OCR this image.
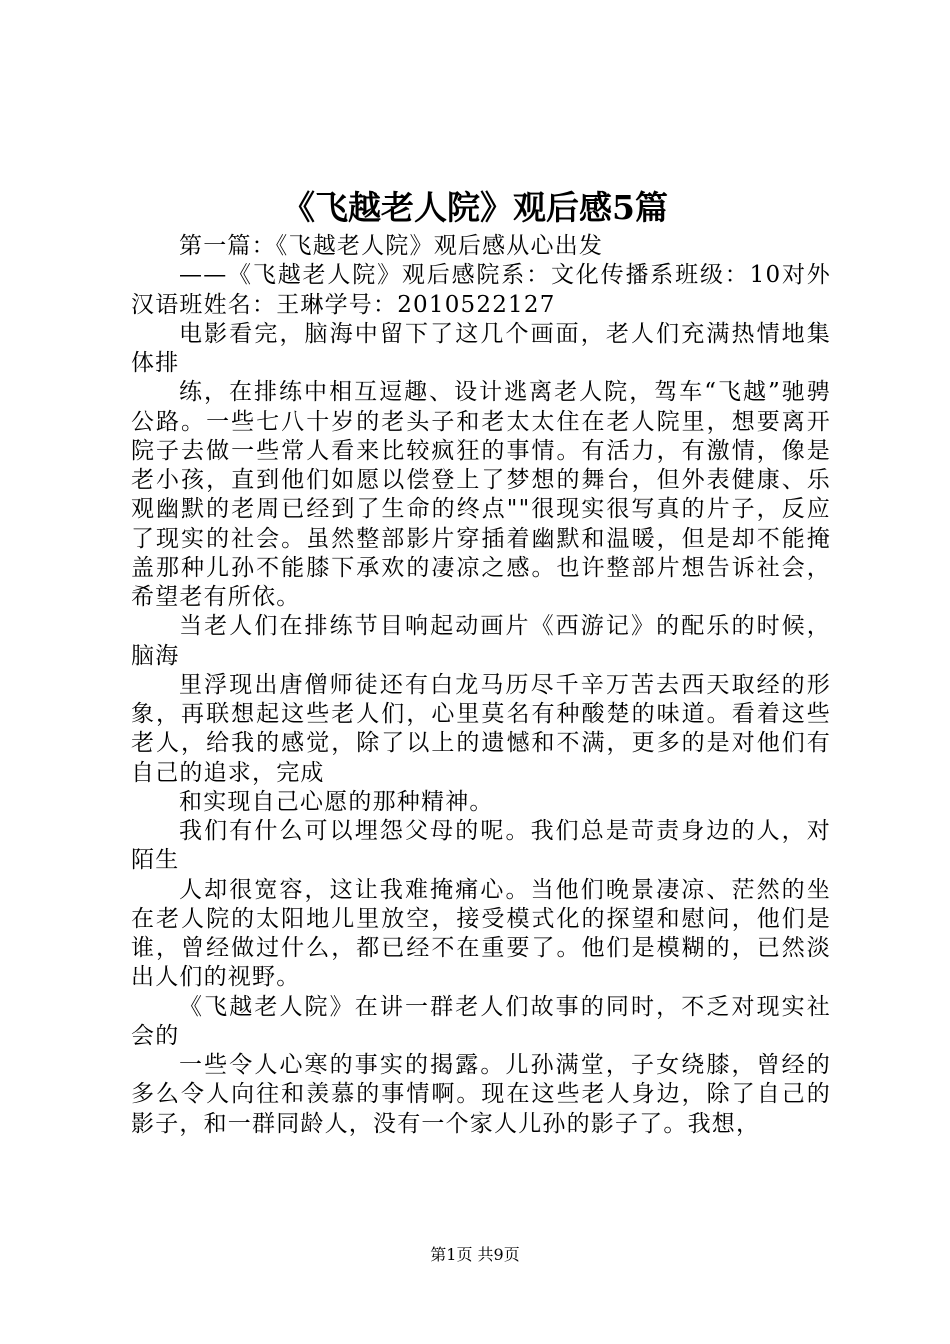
《飞越老人院》观后感5篇

第一篇：《飞越老人院》观后感从心出发

——《飞越老人院》观后感院系：文化传播系班级：10对外汉语班姓名：王琳学号：2010522127

电影看完，脑海中留下了这几个画面，老人们充满热情地集体排

练，在排练中相互逗趣、设计逃离老人院，驾车“飞越”驰骋公路。一些七八十岁的老头子和老太太住在老人院里，想要离开院子去做一些常人看来比较疯狂的事情。有活力，有激情，像是老小孩，直到他们如愿以偿登上了梦想的舞台，但外表健康、乐观幽默的老周已经到了生命的终点""很现实很写真的片子，反应了现实的社会。虽然整部影片穿插着幽默和温暖，但是却不能掩盖那种儿孙不能膝下承欢的凄凉之感。也许整部片想告诉社会，希望老有所依。

当老人们在排练节目响起动画片《西游记》的配乐的时候，脑海

里浮现出唐僧师徒还有白龙马历尽千辛万苦去西天取经的形象，再联想起这些老人们，心里莫名有种酸楚的味道。看着这些老人，给我的感觉，除了以上的遗憾和不满，更多的是对他们有自己的追求，完成

和实现自己心愿的那种精神。

我们有什么可以埋怨父母的呢。我们总是苛责身边的人，对陌生

人却很宽容，这让我难掩痛心。当他们晚景凄凉、茫然的坐在老人院的太阳地儿里放空，接受模式化的探望和慰问，他们是谁，曾经做过什么，都已经不在重要了。他们是模糊的，已然淡出人们的视野。

《飞越老人院》在讲一群老人们故事的同时，不乏对现实社会的

一些令人心寒的事实的揭露。儿孙满堂，子女绕膝，曾经的多么令人向往和羡慕的事情啊。现在这些老人身边，除了自己的影子，和一群同龄人，没有一个家人儿孙的影子了。我想，

第1页 共9页
